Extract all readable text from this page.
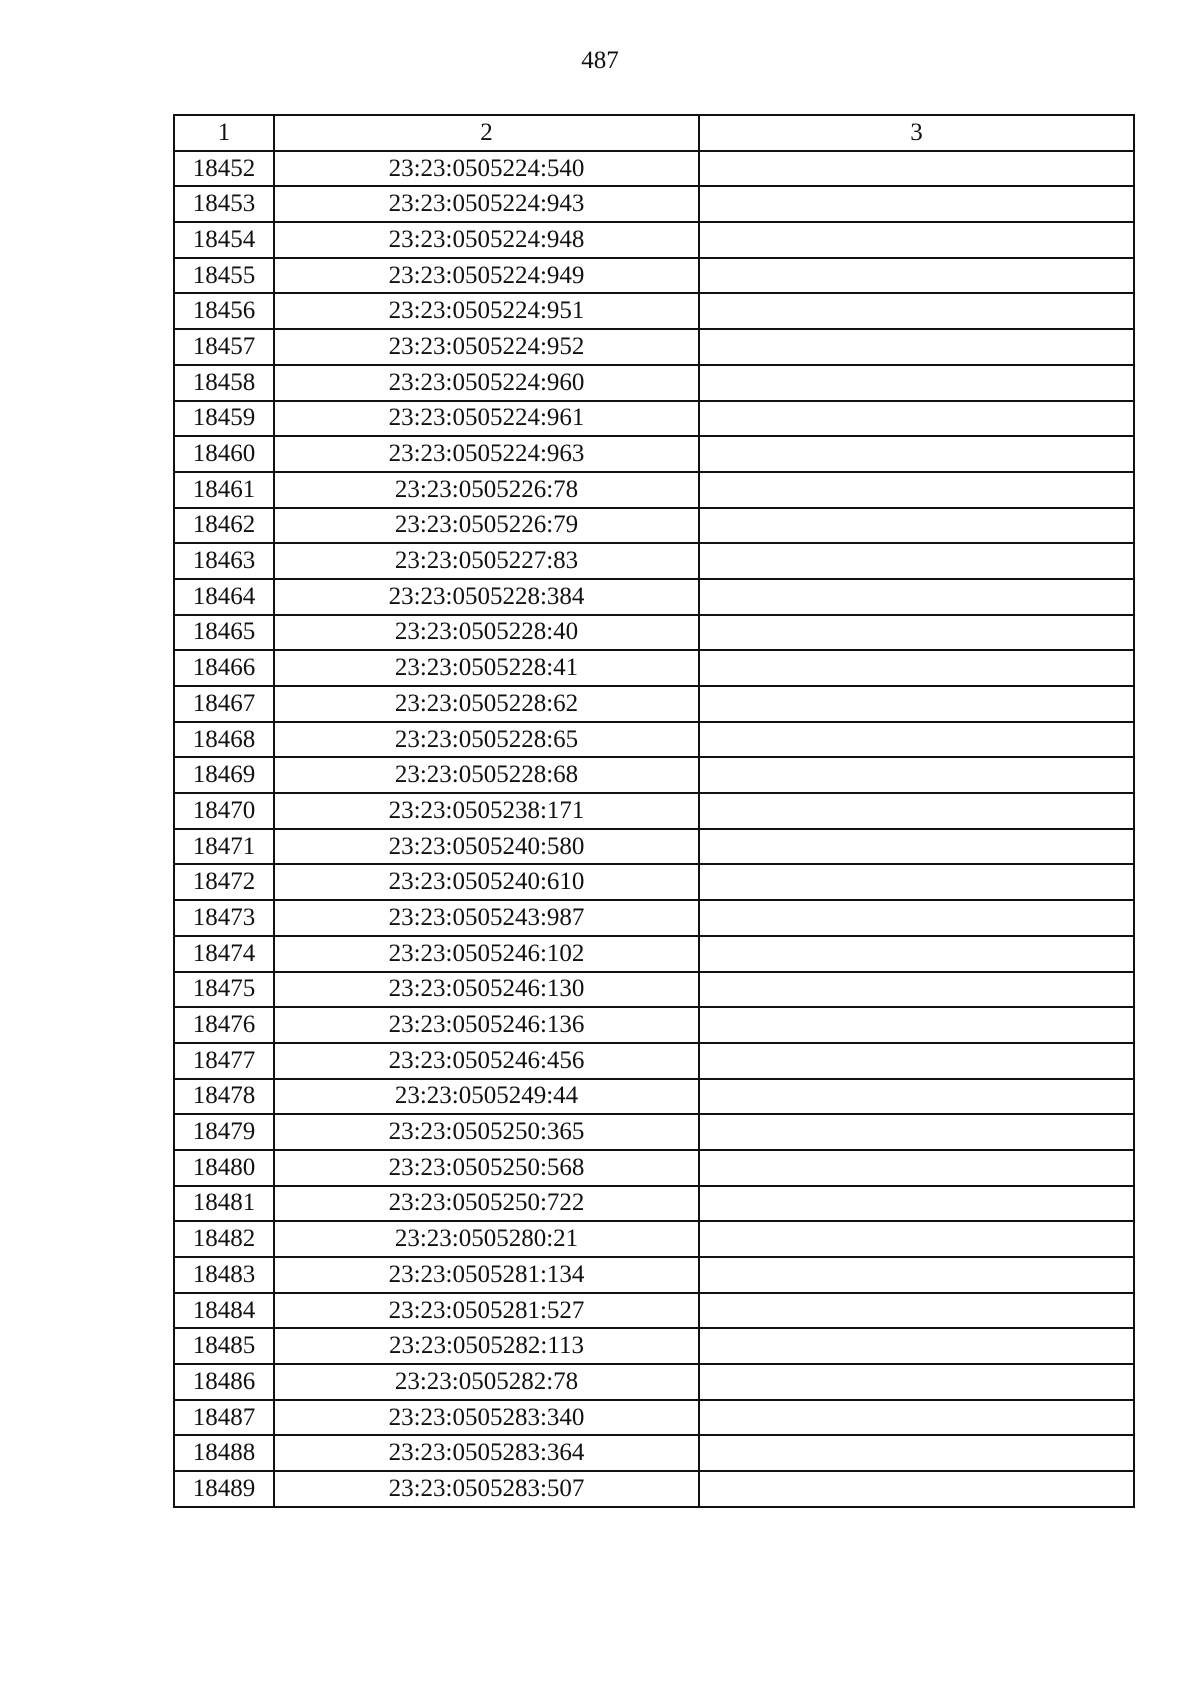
487
1	2	3
18452	23:23:0505224:540	
18453	23:23:0505224:943	
18454	23:23:0505224:948	
18455	23:23:0505224:949	
18456	23:23:0505224:951	
18457	23:23:0505224:952	
18458	23:23:0505224:960	
18459	23:23:0505224:961	
18460	23:23:0505224:963	
18461	23:23:0505226:78	
18462	23:23:0505226:79	
18463	23:23:0505227:83	
18464	23:23:0505228:384	
18465	23:23:0505228:40	
18466	23:23:0505228:41	
18467	23:23:0505228:62	
18468	23:23:0505228:65	
18469	23:23:0505228:68	
18470	23:23:0505238:171	
18471	23:23:0505240:580	
18472	23:23:0505240:610	
18473	23:23:0505243:987	
18474	23:23:0505246:102	
18475	23:23:0505246:130	
18476	23:23:0505246:136	
18477	23:23:0505246:456	
18478	23:23:0505249:44	
18479	23:23:0505250:365	
18480	23:23:0505250:568	
18481	23:23:0505250:722	
18482	23:23:0505280:21	
18483	23:23:0505281:134	
18484	23:23:0505281:527	
18485	23:23:0505282:113	
18486	23:23:0505282:78	
18487	23:23:0505283:340	
18488	23:23:0505283:364	
18489	23:23:0505283:507	
